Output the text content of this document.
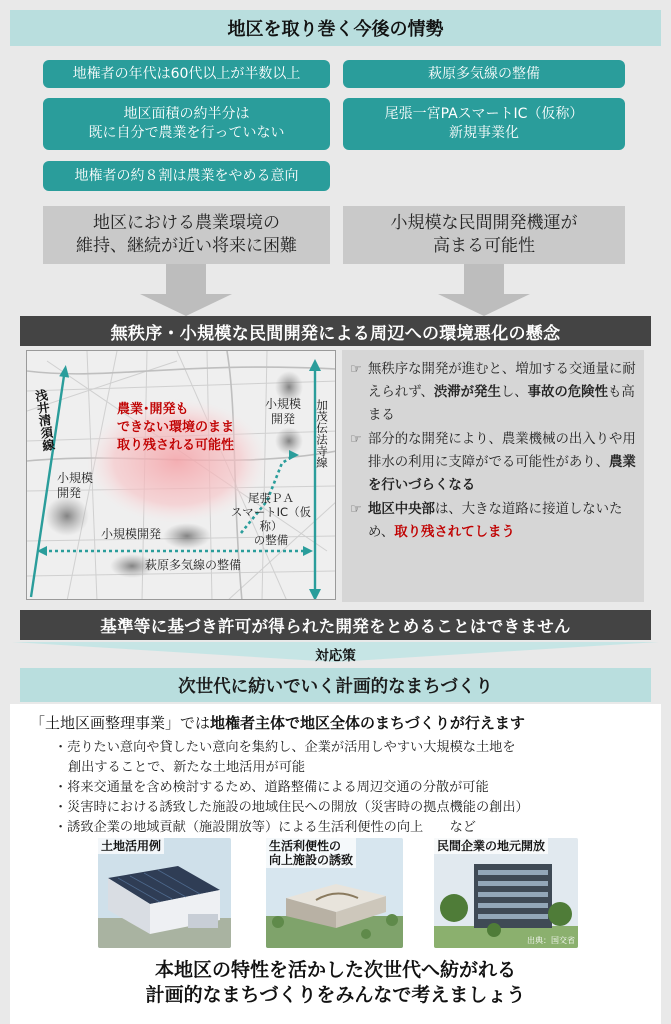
地区を取り巻く今後の情勢
地権者の年代は60代以上が半数以上
地区面積の約半分は
既に自分で農業を行っていない
地権者の約８割は農業をやめる意向
萩原多気線の整備
尾張一宮PAスマートIC（仮称）
新規事業化
地区における農業環境の
維持、継続が近い将来に困難
小規模な民間開発機運が
高まる可能性
無秩序・小規模な民間開発による周辺への環境悪化の懸念
浅井清須線	加茂伝法寺線
農業･開発も
できない環境のまま
取り残される可能性
小規模
開発
小規模
開発
小規模開発
尾張ＰＡ
スマートIC（仮称）
の整備
萩原多気線の整備
☞ 無秩序な開発が進むと、増加する交通量に耐えられず、渋滞が発生し、事故の危険性も高まる
☞ 部分的な開発により、農業機械の出入りや用排水の利用に支障がでる可能性があり、農業を行いづらくなる
☞ 地区中央部は、大きな道路に接道しないため、取り残されてしまう
基準等に基づき許可が得られた開発をとめることはできません
対応策
次世代に紡いでいく計画的なまちづくり
「土地区画整理事業」では地権者主体で地区全体のまちづくりが行えます
・売りたい意向や貸したい意向を集約し、企業が活用しやすい大規模な土地を
創出することで、新たな土地活用が可能
・将来交通量を含め検討するため、道路整備による周辺交通の分散が可能
・災害時における誘致した施設の地域住民への開放（災害時の拠点機能の創出）
・誘致企業の地域貢献（施設開放等）による生活利便性の向上　　など
土地活用例	生活利便性の
向上施設の誘致
民間企業の地元開放
出典：国交省
本地区の特性を活かした次世代へ紡がれる
計画的なまちづくりをみんなで考えましょう
